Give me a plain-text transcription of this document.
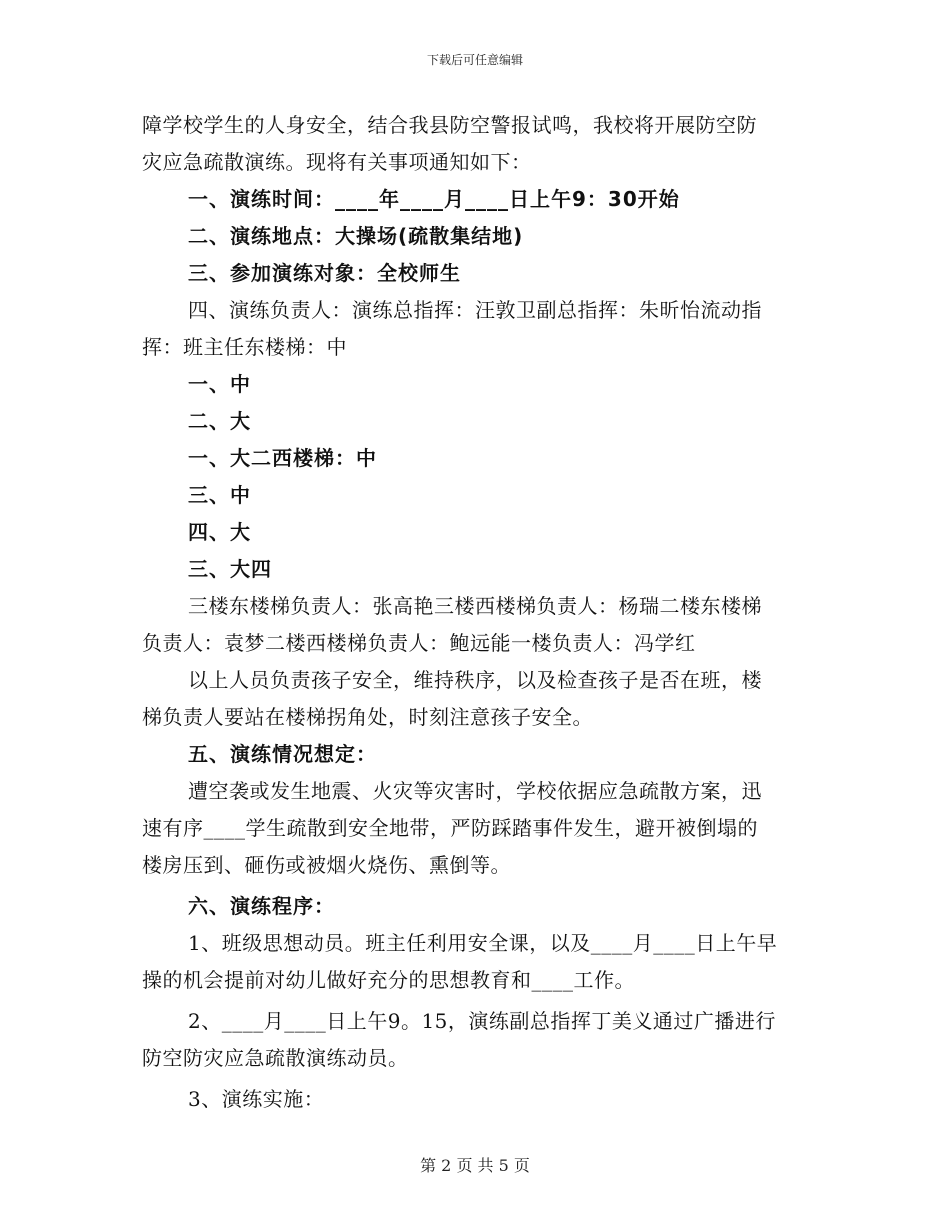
下载后可任意编辑
障学校学生的人身安全，结合我县防空警报试鸣，我校将开展防空防
灾应急疏散演练。现将有关事项通知如下：
一、演练时间：____年____月____日上午9：30开始
二、演练地点：大操场(疏散集结地)
三、参加演练对象：全校师生
四、演练负责人：演练总指挥：汪敦卫副总指挥：朱昕怡流动指
挥：班主任东楼梯：中
一、中
二、大
一、大二西楼梯：中
三、中
四、大
三、大四
三楼东楼梯负责人：张高艳三楼西楼梯负责人：杨瑞二楼东楼梯
负责人：袁梦二楼西楼梯负责人：鲍远能一楼负责人：冯学红
以上人员负责孩子安全，维持秩序，以及检查孩子是否在班，楼
梯负责人要站在楼梯拐角处，时刻注意孩子安全。
五、演练情况想定：
遭空袭或发生地震、火灾等灾害时，学校依据应急疏散方案，迅
速有序____学生疏散到安全地带，严防踩踏事件发生，避开被倒塌的
楼房压到、砸伤或被烟火烧伤、熏倒等。
六、演练程序：
1、班级思想动员。班主任利用安全课，以及____月____日上午早
操的机会提前对幼儿做好充分的思想教育和____工作。
2、____月____日上午9。15，演练副总指挥丁美义通过广播进行
防空防灾应急疏散演练动员。
3、演练实施：
第 2 页 共 5 页
